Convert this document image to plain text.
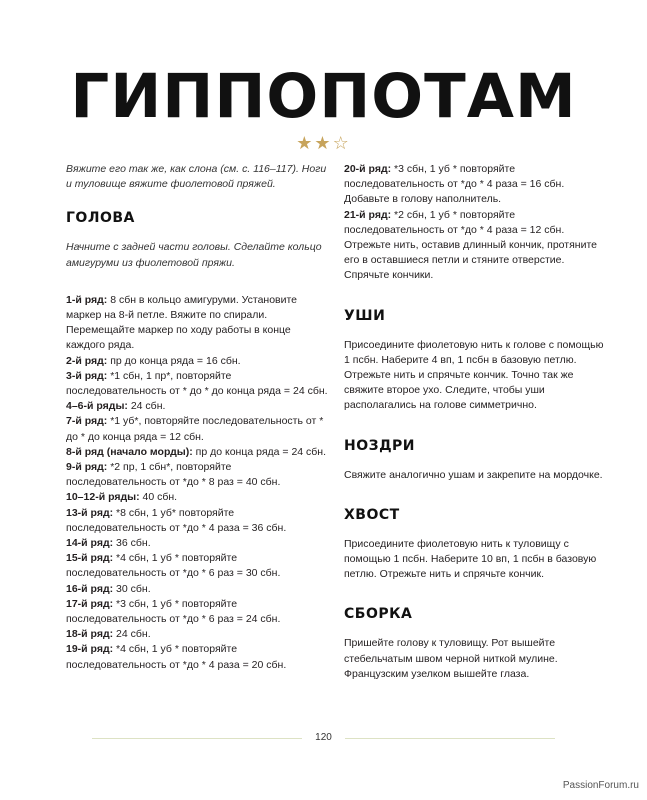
ГИППОПОТАМ
★★☆

Вяжите его так же, как слона (см. с. 116–117). Ноги и туловище вяжите фиолетовой пряжей.

ГОЛОВА

Начните с задней части головы. Сделайте кольцо амигуруми из фиолетовой пряжи.

1-й ряд: 8 сбн в кольцо амигуруми. Установите маркер на 8-й петле. Вяжите по спирали. Перемещайте маркер по ходу работы в конце каждого ряда.

2-й ряд: пр до конца ряда = 16 сбн.

3-й ряд: *1 сбн, 1 пр*, повторяйте последовательность от * до * до конца ряда = 24 сбн.

4–6-й ряды: 24 сбн.

7-й ряд: *1 уб*, повторяйте последовательность от * до * до конца ряда = 12 сбн.

8-й ряд (начало морды): пр до конца ряда = 24 сбн.

9-й ряд: *2 пр, 1 сбн*, повторяйте последовательность от *до * 8 раз = 40 сбн.

10–12-й ряды: 40 сбн.

13-й ряд: *8 сбн, 1 уб* повторяйте последовательность от *до * 4 раза = 36 сбн.

14-й ряд: 36 сбн.

15-й ряд: *4 сбн, 1 уб * повторяйте последовательность от *до * 6 раз = 30 сбн.

16-й ряд: 30 сбн.

17-й ряд: *3 сбн, 1 уб * повторяйте последовательность от *до * 6 раз = 24 сбн.

18-й ряд: 24 сбн.

19-й ряд: *4 сбн, 1 уб * повторяйте последовательность от *до * 4 раза = 20 сбн.

20-й ряд: *3 сбн, 1 уб * повторяйте последовательность от *до * 4 раза = 16 сбн. Добавьте в голову наполнитель.

21-й ряд: *2 сбн, 1 уб * повторяйте последовательность от *до * 4 раза = 12 сбн. Отрежьте нить, оставив длинный кончик, протяните его в оставшиеся петли и стяните отверстие. Спрячьте кончики.

УШИ

Присоедините фиолетовую нить к голове с помощью 1 псбн. Наберите 4 вп, 1 псбн в базовую петлю. Отрежьте нить и спрячьте кончик. Точно так же свяжите второе ухо. Следите, чтобы уши располагались на голове симметрично.

НОЗДРИ

Свяжите аналогично ушам и закрепите на мордочке.

ХВОСТ

Присоедините фиолетовую нить к туловищу с помощью 1 псбн. Наберите 10 вп, 1 псбн в базовую петлю. Отрежьте нить и спрячьте кончик.

СБОРКА

Пришейте голову к туловищу. Рот вышейте стебельчатым швом черной ниткой мулине. Французским узелком вышейте глаза.

120
PassionForum.ru
